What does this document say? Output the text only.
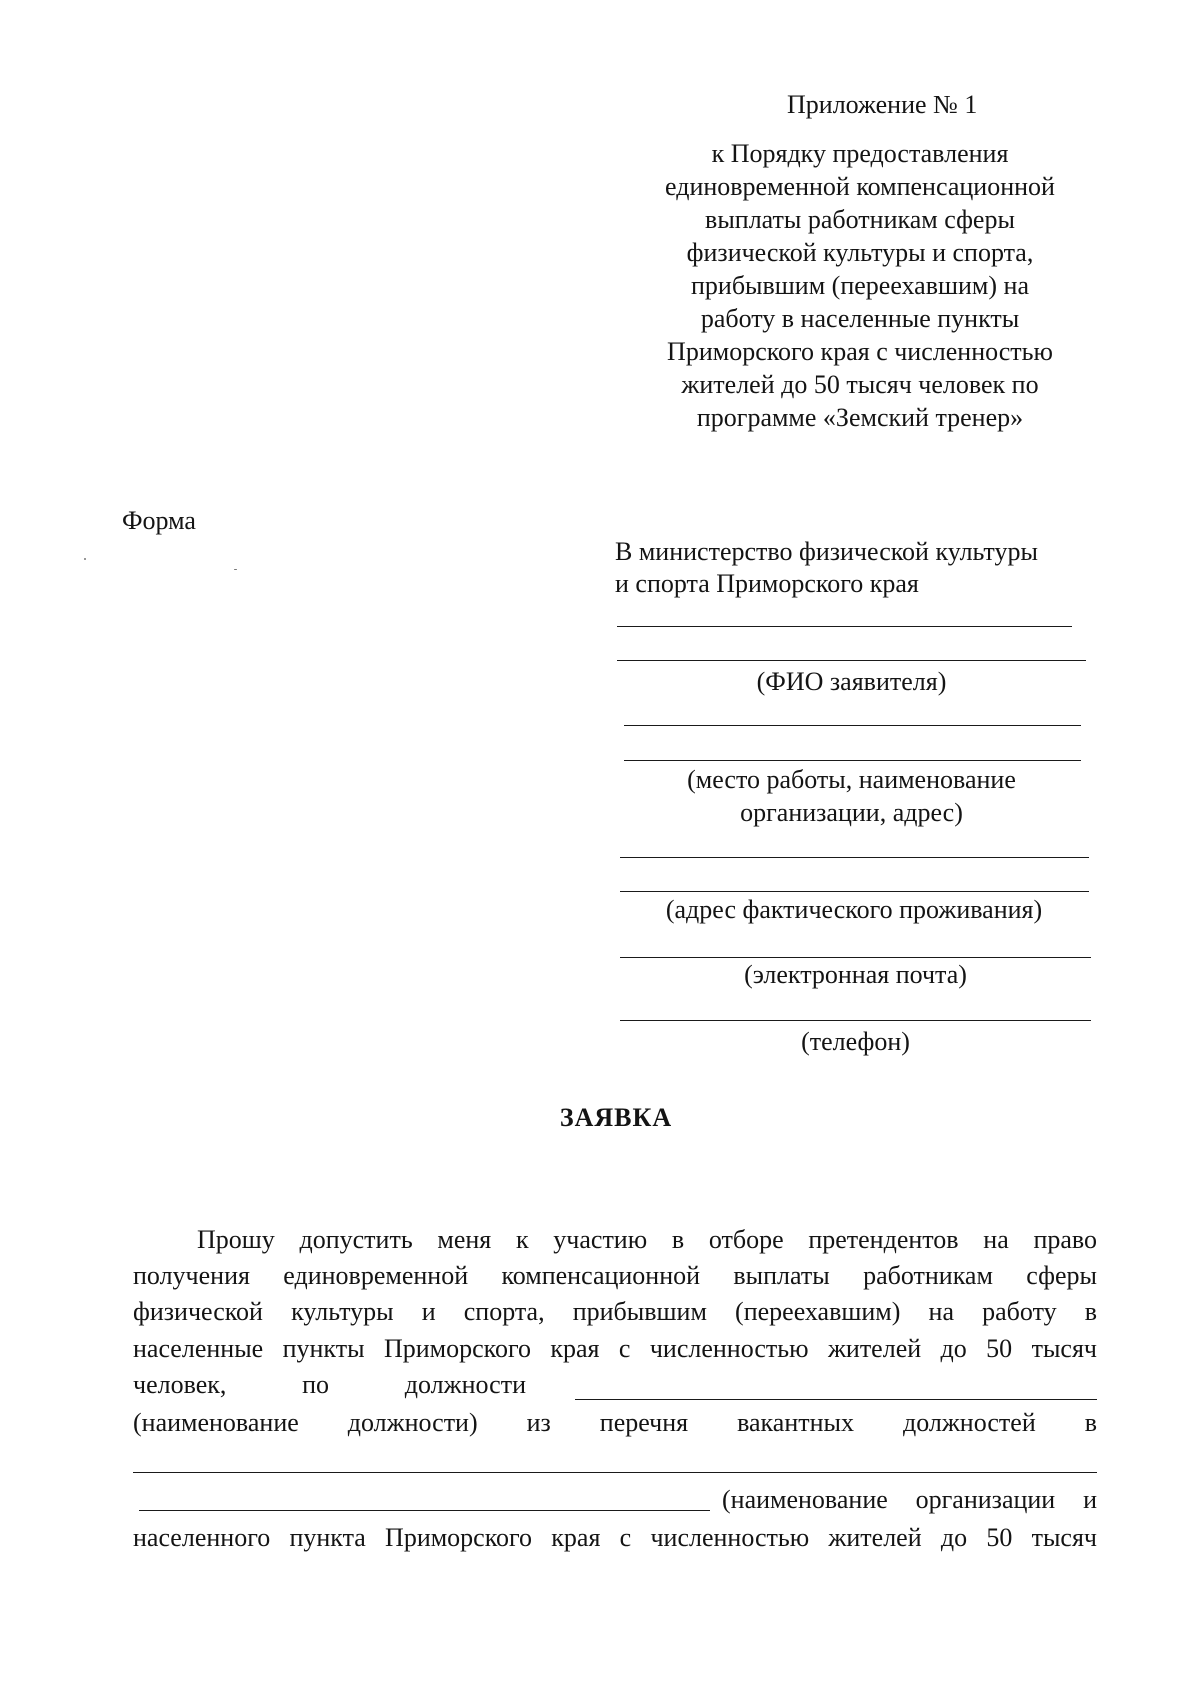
Приложение № 1
к Порядку предоставления
единовременной компенсационной
выплаты работникам сферы
физической культуры и спорта,
прибывшим (переехавшим) на
работу в населенные пункты
Приморского края с численностью
жителей до 50 тысяч человек по
программе «Земский тренер»
Форма
В министерство физической культуры
и спорта Приморского края
(ФИО заявителя)
(место работы, наименование
организации, адрес)
(адрес фактического проживания)
(электронная почта)
(телефон)
ЗАЯВКА
Прошу допустить меня к участию в отборе претендентов на право
получения единовременной компенсационной выплаты работникам сферы
физической культуры и спорта, прибывшим (переехавшим) на работу в
населенные пункты Приморского края с численностью жителей до 50 тысяч
человек,	по	должности
(наименование должности) из перечня вакантных должностей в
(наименование организации и
населенного пункта Приморского края с численностью жителей до 50 тысяч
